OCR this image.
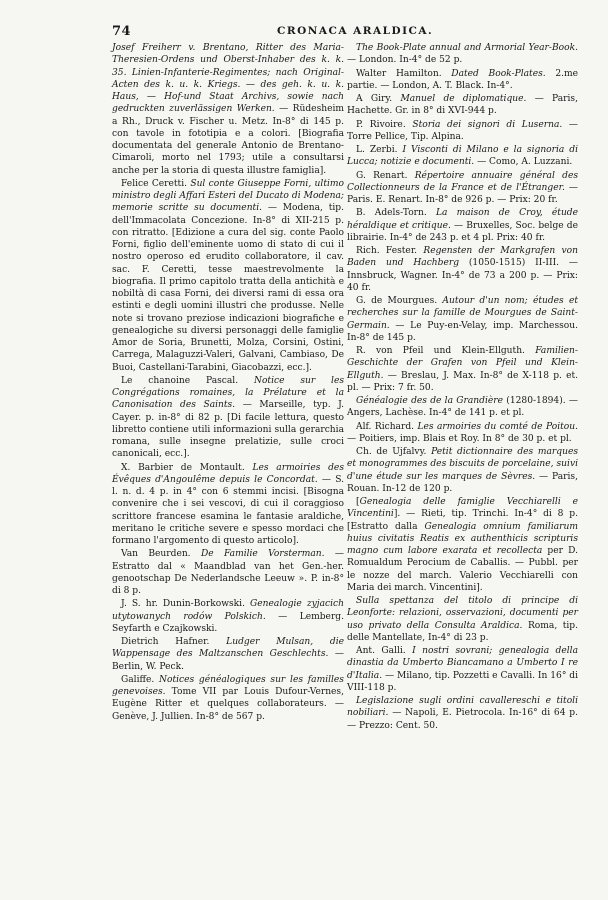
74	CRONACA ARALDICA.

Josef Freiherr v. Brentano, Ritter des Maria-Theresien-Ordens und Oberst-Inhaber des k. k. 35. Linien-Infanterie-Regimentes; nach Original-Acten des k. u. k. Kriegs. — des geh. k. u. k. Haus, — Hof-und Staat Archivs, sowie nach gedruckten zuverlässigen Werken. — Rüdesheim a Rh., Druck v. Fischer u. Metz. In-8° di 145 p. con tavole in fototipia e a colori. [Biografia documentata del generale Antonio de Brentano-Cimaroli, morto nel 1793; utile a consultarsi anche per la storia di questa illustre famiglia].

Felice Ceretti. Sul conte Giuseppe Forni, ultimo ministro degli Affari Esteri del Ducato di Modena; memorie scritte su documenti. — Modena, tip. dell'Immacolata Concezione. In-8° di XII-215 p. con ritratto. [Edizione a cura del sig. conte Paolo Forni, figlio dell'eminente uomo di stato di cui il nostro operoso ed erudito collaboratore, il cav. sac. F. Ceretti, tesse maestrevolmente la biografia. Il primo capitolo tratta della antichità e nobiltà di casa Forni, dei diversi rami di essa ora estinti e degli uomini illustri che produsse. Nelle note si trovano preziose indicazioni biografiche e genealogiche su diversi personaggi delle famiglie Amor de Soria, Brunetti, Molza, Corsini, Ostini, Carrega, Malaguzzi-Valeri, Galvani, Cambiaso, De Buoi, Castellani-Tarabini, Giacobazzi, ecc.].

Le chanoine Pascal. Notice sur les Congrégations romaines, la Prélature et la Canonisation des Saints. — Marseille, typ. J. Cayer. p. in-8° di 82 p. [Di facile lettura, questo libretto contiene utili informazioni sulla gerarchia romana, sulle insegne prelatizie, sulle croci canonicali, ecc.].

X. Barbier de Montault. Les armoiries des Évêques d'Angoulême depuis le Concordat. — S. l. n. d. 4 p. in 4° con 6 stemmi incisi. [Bisogna convenire che i sei vescovi, di cui il coraggioso scrittore francese esamina le fantasie araldiche, meritano le critiche severe e spesso mordaci che formano l'argomento di questo articolo].

Van Beurden. De Familie Vorsterman. — Estratto dal « Maandblad van het Gen.-her. genootschap De Nederlandsche Leeuw ». P. in-8° di 8 p.

J. S. hr. Dunin-Borkowski. Genealogie zyjacich utytowanych rodów Polskich. — Lemberg. Seyfarth e Czajkowski.

Dietrich Hafner. Ludger Mulsan, die Wappensage des Maltzanschen Geschlechts. — Berlin, W. Peck.

Galiffe. Notices généalogiques sur les familles genevoises. Tome VII par Louis Dufour-Vernes, Eugène Ritter et quelques collaborateurs. — Genève, J. Jullien. In-8° de 567 p.

The Book-Plate annual and Armorial Year-Book. — London. In-4° de 52 p.

Walter Hamilton. Dated Book-Plates. 2.me partie. — London, A. T. Black. In-4°.

A Giry. Manuel de diplomatique. — Paris, Hachette. Gr. in 8° di XVI-944 p.

P. Rivoire. Storia dei signori di Luserna. — Torre Pellice, Tip. Alpina.

L. Zerbi. I Visconti di Milano e la signoria di Lucca; notizie e documenti. — Como, A. Luzzani.

G. Renart. Répertoire annuaire général des Collectionneurs de la France et de l'Étranger. — Paris. E. Renart. In-8° de 926 p. — Prix: 20 fr.

B. Adels-Torn. La maison de Croy, étude héraldique et critique. — Bruxelles, Soc. belge de librairie. In-4° de 243 p. et 4 pl. Prix: 40 fr.

Rich. Fester. Regensten der Markgrafen von Baden und Hachberg (1050-1515) II-III. — Innsbruck, Wagner. In-4° de 73 a 200 p. — Prix: 40 fr.

G. de Mourgues. Autour d'un nom; études et recherches sur la famille de Mourgues de Saint-Germain. — Le Puy-en-Velay, imp. Marchessou. In-8° de 145 p.

R. von Pfeil und Klein-Ellguth. Familien-Geschichte der Grafen von Pfeil und Klein-Ellguth. — Breslau, J. Max. In-8° de X-118 p. et. pl. — Prix: 7 fr. 50.

Généalogie des de la Grandière (1280-1894). — Angers, Lachèse. In-4° de 141 p. et pl.

Alf. Richard. Les armoiries du comté de Poitou. — Poitiers, imp. Blais et Roy. In 8° de 30 p. et pl.

Ch. de Ujfalvy. Petit dictionnaire des marques et monogrammes des biscuits de porcelaine, suivi d'une étude sur les marques de Sèvres. — Paris, Rouan. In-12 de 120 p.

[Genealogia delle famiglie Vecchiarelli e Vincentini]. — Rieti, tip. Trinchi. In-4° di 8 p. [Estratto dalla Genealogia omnium familiarum huius civitatis Reatis ex authenthicis scripturis magno cum labore exarata et recollecta per D. Romualdum Perocium de Caballis. — Pubbl. per le nozze del march. Valerio Vecchiarelli con Maria dei march. Vincentini].

Sulla spettanza del titolo di principe di Leonforte: relazioni, osservazioni, documenti per uso privato della Consulta Araldica. Roma, tip. delle Mantellate, In-4° di 23 p.

Ant. Galli. I nostri sovrani; genealogia della dinastia da Umberto Biancamano a Umberto I re d'Italia. — Milano, tip. Pozzetti e Cavalli. In 16° di VIII-118 p.

Legislazione sugli ordini cavallereschi e titoli nobiliari. — Napoli, E. Pietrocola. In-16° di 64 p. — Prezzo: Cent. 50.
